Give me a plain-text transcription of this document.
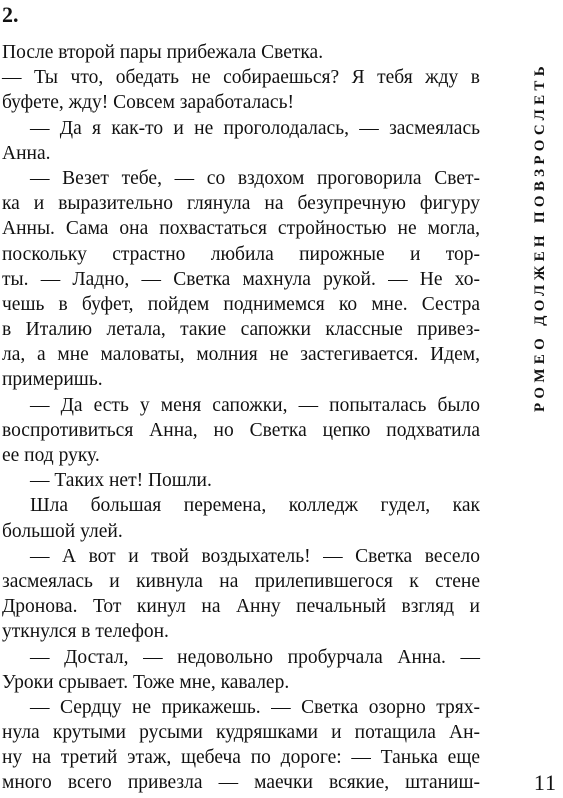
2.
После второй пары прибежала Светка.
— Ты что, обедать не собираешься? Я тебя жду в
буфете, жду! Совсем заработалась!
— Да я как-то и не проголодалась, — засмеялась
Анна.
— Везет тебе, — со вздохом проговорила Свет-
ка и выразительно глянула на безупречную фигуру
Анны. Сама она похвастаться стройностью не могла,
поскольку страстно любила пирожные и тор-
ты. — Ладно, — Светка махнула рукой. — Не хо-
чешь в буфет, пойдем поднимемся ко мне. Сестра
в Италию летала, такие сапожки классные привез-
ла, а мне маловаты, молния не застегивается. Идем,
примеришь.
— Да есть у меня сапожки, — попыталась было
воспротивиться Анна, но Светка цепко подхватила
ее под руку.
— Таких нет! Пошли.
Шла большая перемена, колледж гудел, как
большой улей.
— А вот и твой воздыхатель! — Светка весело
засмеялась и кивнула на прилепившегося к стене
Дронова. Тот кинул на Анну печальный взгляд и
уткнулся в телефон.
— Достал, — недовольно пробурчала Анна. —
Уроки срывает. Тоже мне, кавалер.
— Сердцу не прикажешь. — Светка озорно трях-
нула крутыми русыми кудряшками и потащила Ан-
ну на третий этаж, щебеча по дороге: — Танька еще
много всего привезла — маечки всякие, штаниш-
РОМЕО ДОЛЖЕН ПОВЗРОСЛЕТЬ
11
